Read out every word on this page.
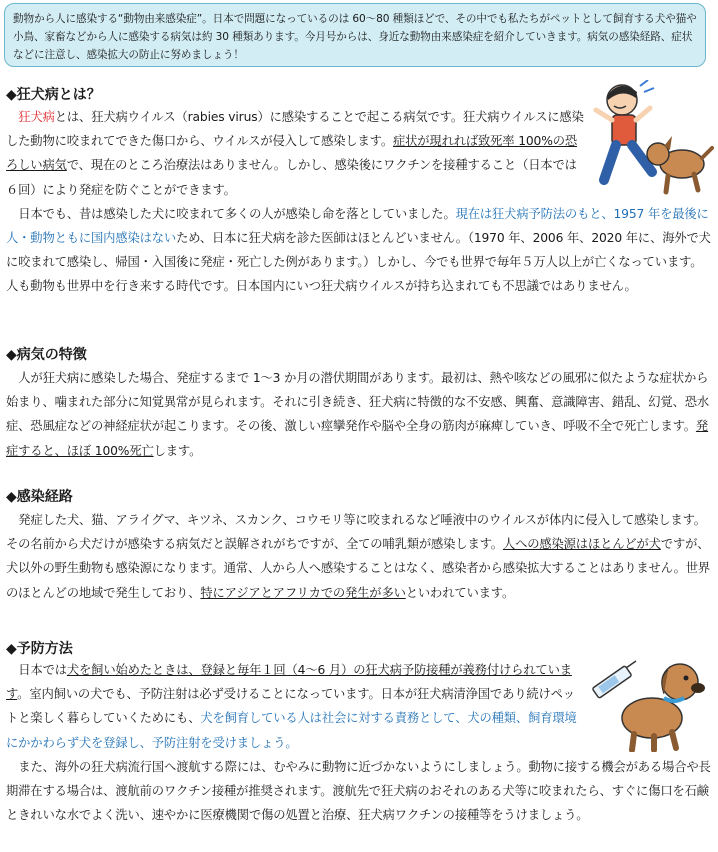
動物から人に感染する“動物由来感染症”。日本で問題になっているのは 60～80 種類ほどで、その中でも私たちがペットとして飼育する犬や猫や小鳥、家畜などから人に感染する病気は約 30 種類あります。今月号からは、身近な動物由来感染症を紹介していきます。病気の感染経路、症状などに注意し、感染拡大の防止に努めましょう！

◆狂犬病とは？

狂犬病とは、狂犬病ウイルス（rabies virus）に感染することで起こる病気です。狂犬病ウイルスに感染した動物に咬まれてできた傷口から、ウイルスが侵入して感染します。症状が現れれば致死率 100%の恐ろしい病気で、現在のところ治療法はありません。しかし、感染後にワクチンを接種すること（日本では６回）により発症を防ぐことができます。

日本でも、昔は感染した犬に咬まれて多くの人が感染し命を落としていました。現在は狂犬病予防法のもと、1957 年を最後に人・動物ともに国内感染はないため、日本に狂犬病を診た医師はほとんどいません。（1970 年、2006 年、2020 年に、海外で犬に咬まれて感染し、帰国・入国後に発症・死亡した例があります。）しかし、今でも世界で毎年５万人以上が亡くなっています。人も動物も世界中を行き来する時代です。日本国内にいつ狂犬病ウイルスが持ち込まれても不思議ではありません。

◆病気の特徴

人が狂犬病に感染した場合、発症するまで 1～3 か月の潜伏期間があります。最初は、熱や咳などの風邪に似たような症状から始まり、噛まれた部分に知覚異常が見られます。それに引き続き、狂犬病に特徴的な不安感、興奮、意識障害、錯乱、幻覚、恐水症、恐風症などの神経症状が起こります。その後、激しい痙攣発作や脳や全身の筋肉が麻痺していき、呼吸不全で死亡します。発症すると、ほぼ 100%死亡します。

◆感染経路

発症した犬、猫、アライグマ、キツネ、スカンク、コウモリ等に咬まれるなど唾液中のウイルスが体内に侵入して感染します。その名前から犬だけが感染する病気だと誤解されがちですが、全ての哺乳類が感染します。人への感染源はほとんどが犬ですが、犬以外の野生動物も感染源になります。通常、人から人へ感染することはなく、感染者から感染拡大することはありません。世界のほとんどの地域で発生しており、特にアジアとアフリカでの発生が多いといわれています。

◆予防方法

日本では犬を飼い始めたときは、登録と毎年１回（4～6 月）の狂犬病予防接種が義務付けられています。室内飼いの犬でも、予防注射は必ず受けることになっています。日本が狂犬病清浄国であり続けペットと楽しく暮らしていくためにも、犬を飼育している人は社会に対する責務として、犬の種類、飼育環境にかかわらず犬を登録し、予防注射を受けましょう。

また、海外の狂犬病流行国へ渡航する際には、むやみに動物に近づかないようにしましょう。動物に接する機会がある場合や長期滞在する場合は、渡航前のワクチン接種が推奨されます。渡航先で狂犬病のおそれのある犬等に咬まれたら、すぐに傷口を石鹸ときれいな水でよく洗い、速やかに医療機関で傷の処置と治療、狂犬病ワクチンの接種等をうけましょう。
